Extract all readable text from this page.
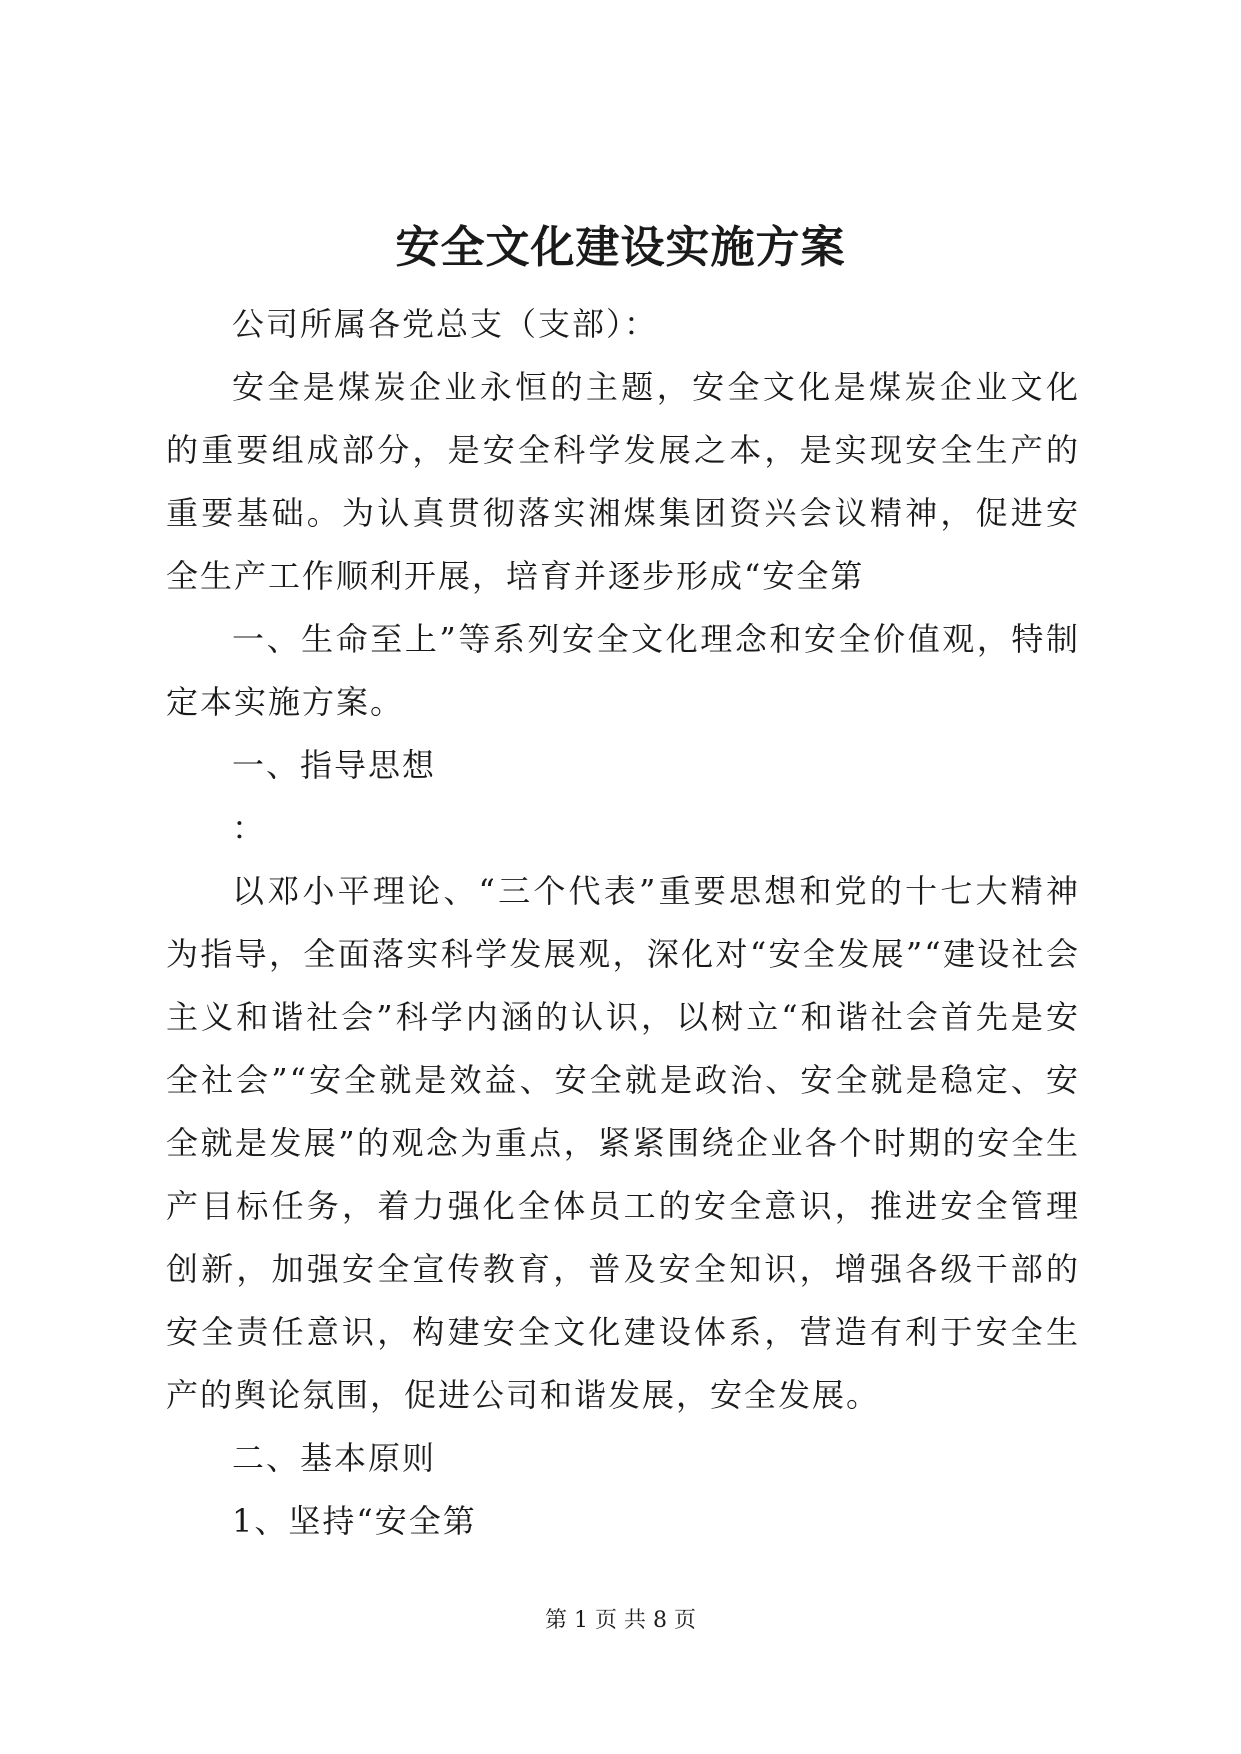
安全文化建设实施方案

公司所属各党总支（支部）：

安全是煤炭企业永恒的主题，安全文化是煤炭企业文化的重要组成部分，是安全科学发展之本，是实现安全生产的重要基础。为认真贯彻落实湘煤集团资兴会议精神，促进安全生产工作顺利开展，培育并逐步形成“安全第

一、生命至上”等系列安全文化理念和安全价值观，特制定本实施方案。

一、指导思想

：

以邓小平理论、“三个代表”重要思想和党的十七大精神为指导，全面落实科学发展观，深化对“安全发展”“建设社会主义和谐社会”科学内涵的认识，以树立“和谐社会首先是安全社会”“安全就是效益、安全就是政治、安全就是稳定、安全就是发展”的观念为重点，紧紧围绕企业各个时期的安全生产目标任务，着力强化全体员工的安全意识，推进安全管理创新，加强安全宣传教育，普及安全知识，增强各级干部的安全责任意识，构建安全文化建设体系，营造有利于安全生产的舆论氛围，促进公司和谐发展，安全发展。

二、基本原则

1、坚持“安全第

第 1 页 共 8 页
